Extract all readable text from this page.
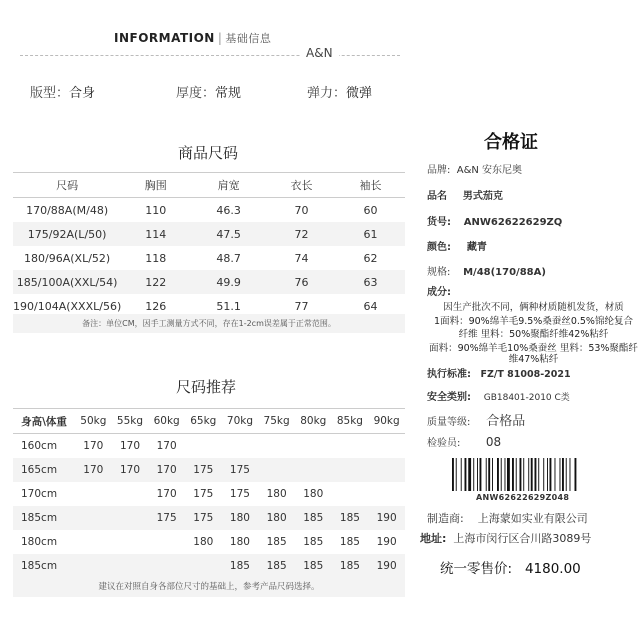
INFORMATION | 基础信息
A&N
版型：合身	厚度：常规	弹力：微弹
商品尺码
尺码	胸围	肩宽	衣长	袖长
170/88A(M/48)	110	46.3	70	60
175/92A(L/50)	114	47.5	72	61
180/96A(XL/52)	118	48.7	74	62
185/100A(XXL/54)	122	49.9	76	63
190/104A(XXXL/56)	126	51.1	77	64
备注：单位CM，因手工测量方式不同，存在1-2cm误差属于正常范围。
尺码推荐
身高\体重	50kg	55kg	60kg	65kg	70kg	75kg	80kg	85kg	90kg
160cm	170	170	170						
165cm	170	170	170	175	175				
170cm			170	175	175	180	180		
185cm			175	175	180	180	185	185	190
180cm				180	180	185	185	185	190
185cm					185	185	185	185	190
建议在对照自身各部位尺寸的基础上，参考产品尺码选择。
合格证
品牌: A&N 安东尼奥
品名 男式茄克
货号: ANW62622629ZQ
颜色: 藏青
规格: M/48(170/88A)
成分:
因生产批次不同，俩种材质随机发货，材质
1面料：90%绵羊毛9.5%桑蚕丝0.5%锦纶复合
纤维 里料：50%聚酯纤维42%粘纤
面料：90%绵羊毛10%桑蚕丝 里料：53%聚酯纤
维47%粘纤
执行标准: FZ/T 81008-2021
安全类别: GB18401-2010 C类
质量等级: 合格品
检验员: 08
ANW62622629Z048
制造商: 上海蒙如实业有限公司
地址: 上海市闵行区合川路3089号
统一零售价: 4180.00
